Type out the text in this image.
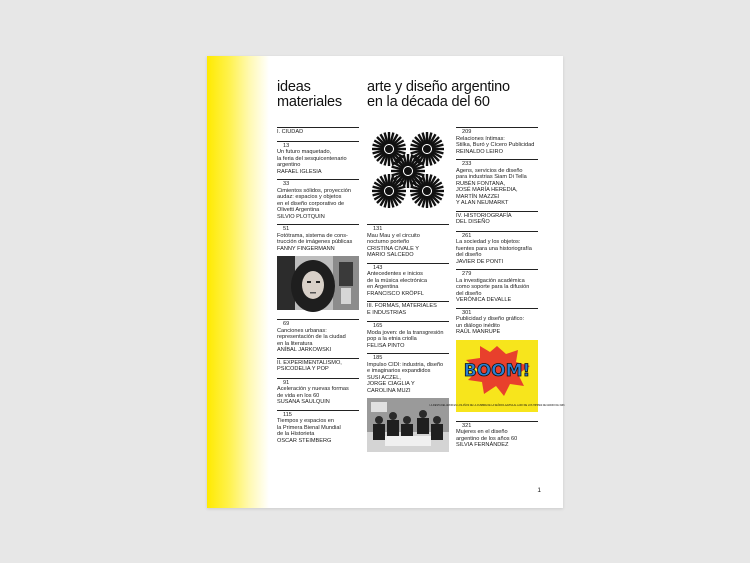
ideas
materiales
arte y diseño argentino
en la década del 60
I. CIUDAD
13
Un futuro maquetado,
la feria del sesquicentenario
argentino
RAFAEL IGLESIA
33
Cimientos sólidos, proyección
audaz: espacios y objetos
en el diseño corporativo de
Olivetti Argentina
SILVIO PLOTQUIN
51
Fotótrama, sistema de cons-
trucción de imágenes públicas
FANNY FINGERMANN
69
Canciones urbanas:
representación de la ciudad
en la literatura
ANÍBAL JARKOWSKI
II. EXPERIMENTALISMO,
PSICODELIA Y POP
91
Aceleración y nuevas formas
de vida en los 60
SUSANA SAULQUIN
115
Tiempos y espacios en
la Primera Bienal Mundial
de la Historieta
OSCAR STEIMBERG
131
Mau Mau y el circuito
nocturno porteño
CRISTINA CIVALE Y
MARIO SALCEDO
143
Antecedentes e inicios
de la música electrónica
en Argentina
FRANCISCO KRÖPFL
III. FORMAS, MATERIALES
E INDUSTRIAS
165
Moda joven: de la transgresión
pop a la etnia criolla
FELISA PINTO
185
Impulso CIDI: industria, diseño
e imaginarios expandidos
SUSI ACZEL,
JORGE CIAGLIA Y
CAROLINA MUZI
209
Relaciones íntimas:
Stilka, Buró y Cícero Publicidad
REINALDO LEIRO
233
Agens, servicios de diseño
para industrias Siam Di Tella
RUBÉN FONTANA,
JOSÉ MARÍA HEREDIA,
MARTÍN MAZZEI
Y ALAN NEUMARKT
IV. HISTORIOGRAFÍA
DEL DISEÑO
261
La sociedad y los objetos:
fuentes para una historiografía
del diseño
JAVIER DE PONTI
279
La investigación académica
como soporte para la difusión
del diseño
VERÓNICA DEVALLE
301
Publicidad y diseño gráfico:
un diálogo inédito
RAÚL MANRUPE
BOOM!
LA FIESTA DEL AMOR EN LOS AÑOS DE LA CUMBRE DE LA SEÑORA GAVINA AL LADO DE LOS HIPPIES DE MARZO DE 1966
321
Mujeres en el diseño
argentino de los años 60
SILVIA FERNÁNDEZ
1
